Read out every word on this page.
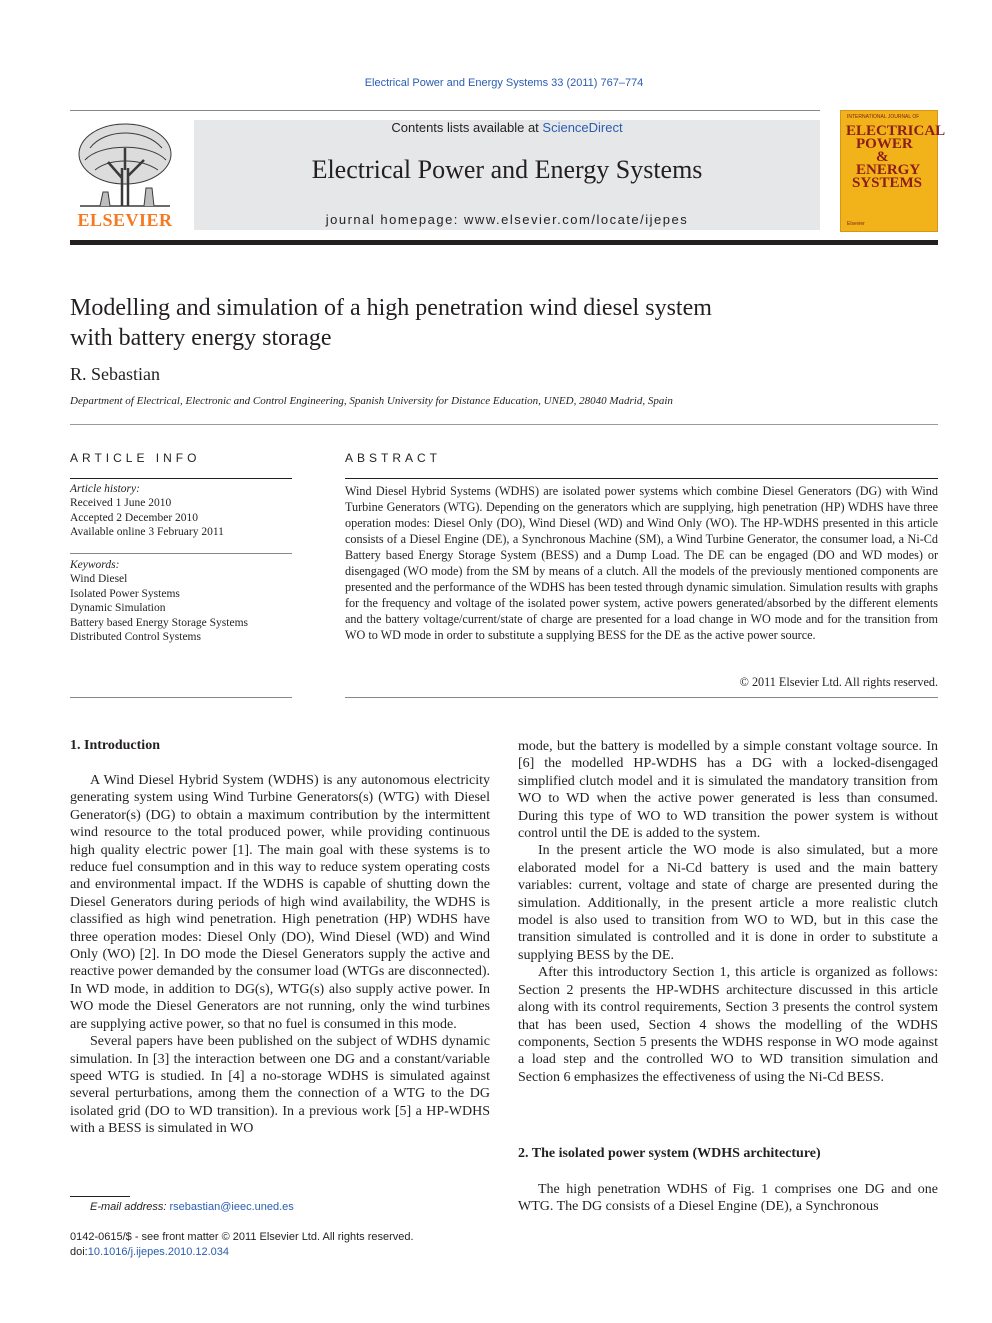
Electrical Power and Energy Systems 33 (2011) 767–774
ELSEVIER
Contents lists available at ScienceDirect
Electrical Power and Energy Systems
journal homepage: www.elsevier.com/locate/ijepes
INTERNATIONAL JOURNAL OF
ELECTRICAL
POWER
&
ENERGY
SYSTEMS
Elsevier
Modelling and simulation of a high penetration wind diesel system
with battery energy storage
R. Sebastian
Department of Electrical, Electronic and Control Engineering, Spanish University for Distance Education, UNED, 28040 Madrid, Spain
ARTICLE INFO
Article history:
Received 1 June 2010
Accepted 2 December 2010
Available online 3 February 2011
Keywords:
Wind Diesel
Isolated Power Systems
Dynamic Simulation
Battery based Energy Storage Systems
Distributed Control Systems
ABSTRACT
Wind Diesel Hybrid Systems (WDHS) are isolated power systems which combine Diesel Generators (DG) with Wind Turbine Generators (WTG). Depending on the generators which are supplying, high penetration (HP) WDHS have three operation modes: Diesel Only (DO), Wind Diesel (WD) and Wind Only (WO). The HP-WDHS presented in this article consists of a Diesel Engine (DE), a Synchronous Machine (SM), a Wind Turbine Generator, the consumer load, a Ni-Cd Battery based Energy Storage System (BESS) and a Dump Load. The DE can be engaged (DO and WD modes) or disengaged (WO mode) from the SM by means of a clutch. All the models of the previously mentioned components are presented and the performance of the WDHS has been tested through dynamic simulation. Simulation results with graphs for the frequency and voltage of the isolated power system, active powers generated/absorbed by the different elements and the battery voltage/current/state of charge are presented for a load change in WO mode and for the transition from WO to WD mode in order to substitute a supplying BESS for the DE as the active power source.
© 2011 Elsevier Ltd. All rights reserved.
1. Introduction

A Wind Diesel Hybrid System (WDHS) is any autonomous electricity generating system using Wind Turbine Generators(s) (WTG) with Diesel Generator(s) (DG) to obtain a maximum contribution by the intermittent wind resource to the total produced power, while providing continuous high quality electric power [1]. The main goal with these systems is to reduce fuel consumption and in this way to reduce system operating costs and environmental impact. If the WDHS is capable of shutting down the Diesel Generators during periods of high wind availability, the WDHS is classified as high wind penetration. High penetration (HP) WDHS have three operation modes: Diesel Only (DO), Wind Diesel (WD) and Wind Only (WO) [2]. In DO mode the Diesel Generators supply the active and reactive power demanded by the consumer load (WTGs are disconnected). In WD mode, in addition to DG(s), WTG(s) also supply active power. In WO mode the Diesel Generators are not running, only the wind turbines are supplying active power, so that no fuel is consumed in this mode.

Several papers have been published on the subject of WDHS dynamic simulation. In [3] the interaction between one DG and a constant/variable speed WTG is studied. In [4] a no-storage WDHS is simulated against several perturbations, among them the connection of a WTG to the DG isolated grid (DO to WD transition). In a previous work [5] a HP-WDHS with a BESS is simulated in WO

mode, but the battery is modelled by a simple constant voltage source. In [6] the modelled HP-WDHS has a DG with a locked-disengaged simplified clutch model and it is simulated the mandatory transition from WO to WD when the active power generated is less than consumed. During this type of WO to WD transition the power system is without control until the DE is added to the system.

In the present article the WO mode is also simulated, but a more elaborated model for a Ni-Cd battery is used and the main battery variables: current, voltage and state of charge are presented during the simulation. Additionally, in the present article a more realistic clutch model is also used to transition from WO to WD, but in this case the transition simulated is controlled and it is done in order to substitute a supplying BESS by the DE.

After this introductory Section 1, this article is organized as follows: Section 2 presents the HP-WDHS architecture discussed in this article along with its control requirements, Section 3 presents the control system that has been used, Section 4 shows the modelling of the WDHS components, Section 5 presents the WDHS response in WO mode against a load step and the controlled WO to WD transition simulation and Section 6 emphasizes the effectiveness of using the Ni-Cd BESS.

2. The isolated power system (WDHS architecture)

The high penetration WDHS of Fig. 1 comprises one DG and one WTG. The DG consists of a Diesel Engine (DE), a Synchronous

E-mail address: rsebastian@ieec.uned.es
0142-0615/$ - see front matter © 2011 Elsevier Ltd. All rights reserved.
doi:10.1016/j.ijepes.2010.12.034
